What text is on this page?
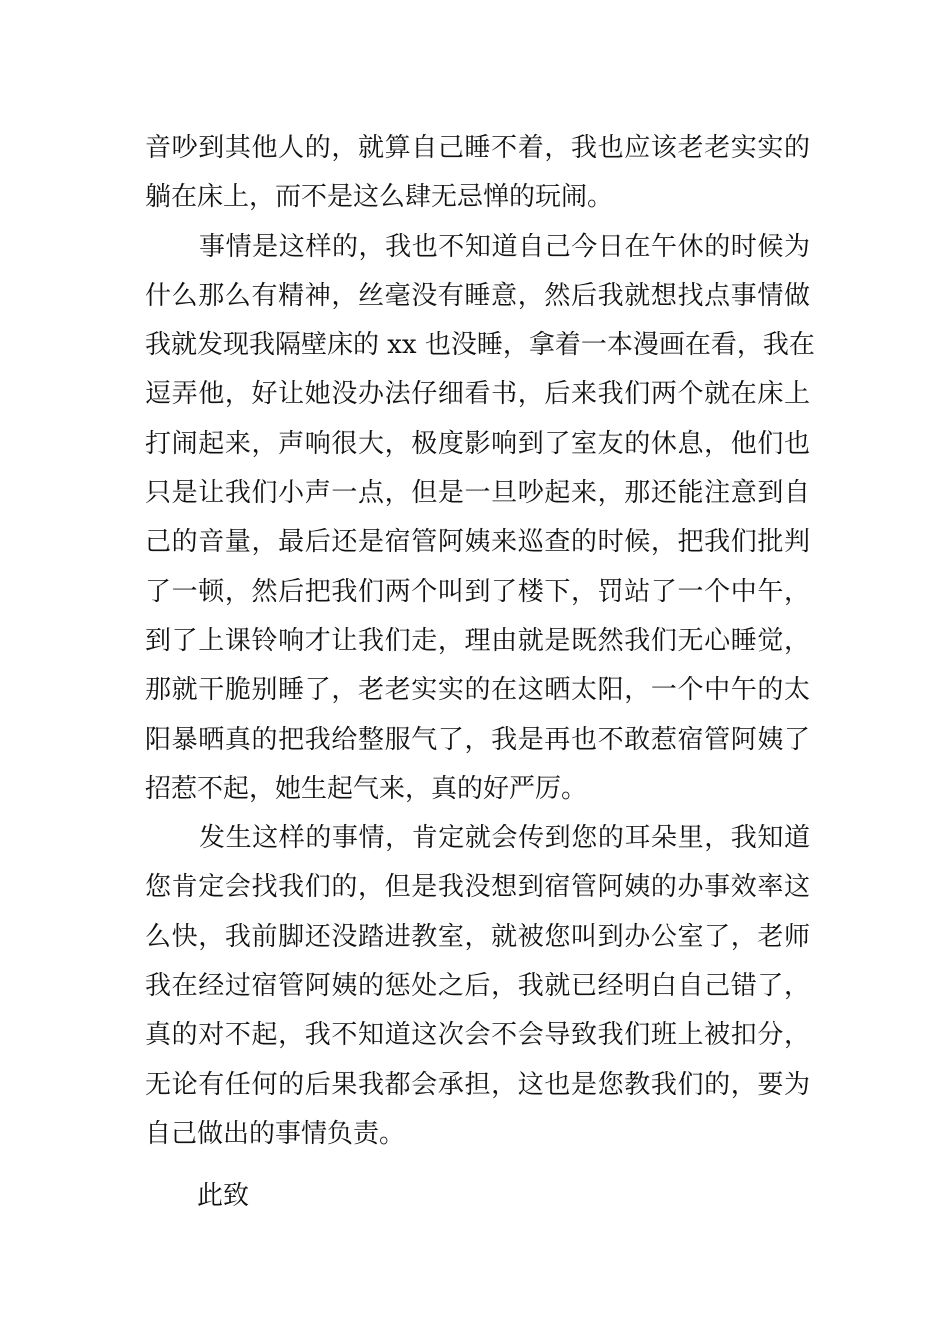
音吵到其他人的，就算自己睡不着，我也应该老老实实的
躺在床上，而不是这么肆无忌惮的玩闹。
事情是这样的，我也不知道自己今日在午休的时候为
什么那么有精神，丝毫没有睡意，然后我就想找点事情做
我就发现我隔壁床的 xx 也没睡，拿着一本漫画在看，我在
逗弄他，好让她没办法仔细看书，后来我们两个就在床上
打闹起来，声响很大，极度影响到了室友的休息，他们也
只是让我们小声一点，但是一旦吵起来，那还能注意到自
己的音量，最后还是宿管阿姨来巡查的时候，把我们批判
了一顿，然后把我们两个叫到了楼下，罚站了一个中午，
到了上课铃响才让我们走，理由就是既然我们无心睡觉，
那就干脆别睡了，老老实实的在这晒太阳，一个中午的太
阳暴晒真的把我给整服气了，我是再也不敢惹宿管阿姨了
招惹不起，她生起气来，真的好严厉。
发生这样的事情，肯定就会传到您的耳朵里，我知道
您肯定会找我们的，但是我没想到宿管阿姨的办事效率这
么快，我前脚还没踏进教室，就被您叫到办公室了，老师
我在经过宿管阿姨的惩处之后，我就已经明白自己错了，
真的对不起，我不知道这次会不会导致我们班上被扣分，
无论有任何的后果我都会承担，这也是您教我们的，要为
自己做出的事情负责。
此致
